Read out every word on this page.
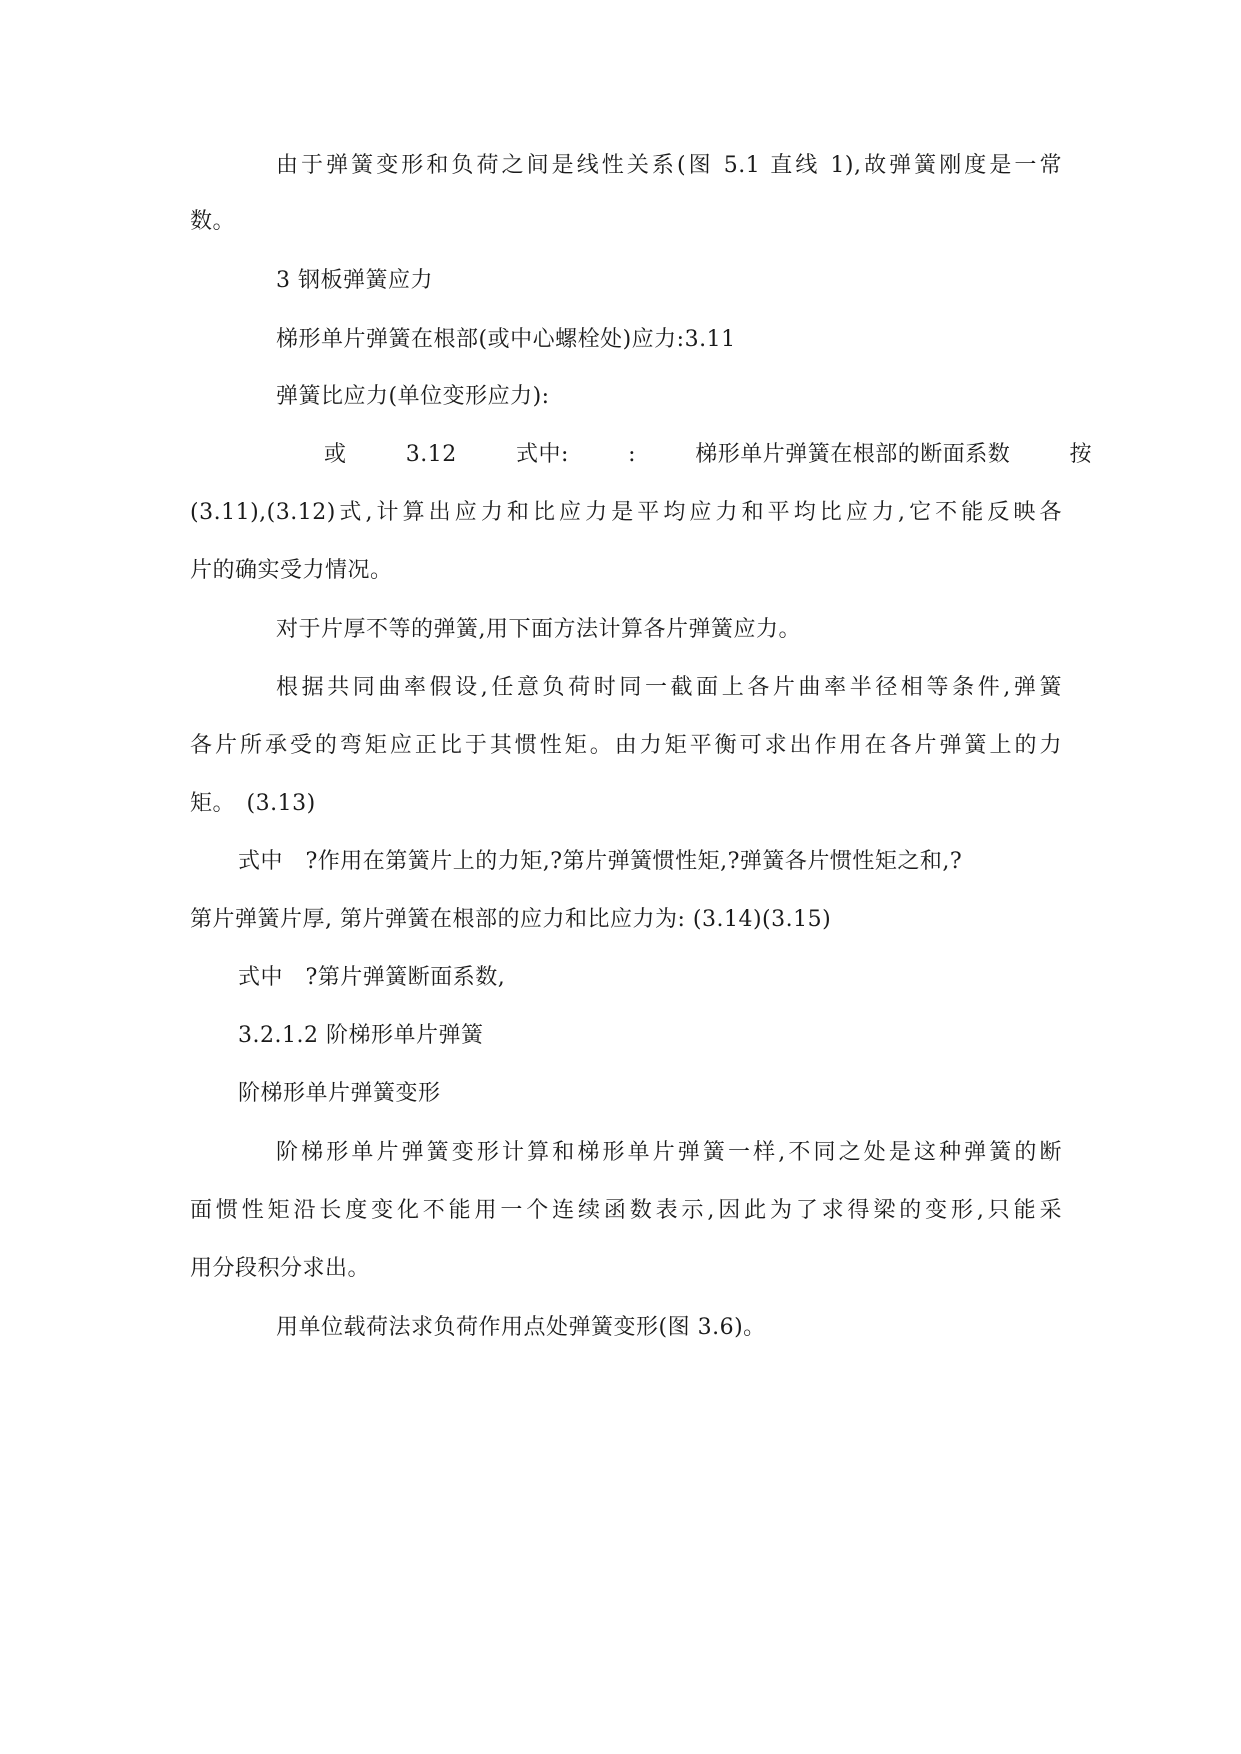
由于弹簧变形和负荷之间是线性关系(图 5.1 直线 1),故弹簧刚度是一常
数。
3 钢板弹簧应力
梯形单片弹簧在根部(或中心螺栓处)应力:3.11
弹簧比应力(单位变形应力):
或	3.12	式中:	:	梯形单片弹簧在根部的断面系数	按
(3.11),(3.12)式,计算出应力和比应力是平均应力和平均比应力,它不能反映各
片的确实受力情况。
对于片厚不等的弹簧,用下面方法计算各片弹簧应力。
根据共同曲率假设,任意负荷时同一截面上各片曲率半径相等条件,弹簧
各片所承受的弯矩应正比于其惯性矩。由力矩平衡可求出作用在各片弹簧上的力
矩。　(3.13)
式中　?作用在第簧片上的力矩,?第片弹簧惯性矩,?弹簧各片惯性矩之和,?
第片弹簧片厚, 第片弹簧在根部的应力和比应力为: (3.14)(3.15)
式中　?第片弹簧断面系数,
3.2.1.2 阶梯形单片弹簧
阶梯形单片弹簧变形
阶梯形单片弹簧变形计算和梯形单片弹簧一样,不同之处是这种弹簧的断
面惯性矩沿长度变化不能用一个连续函数表示,因此为了求得梁的变形,只能采
用分段积分求出。
用单位载荷法求负荷作用点处弹簧变形(图 3.6)。
